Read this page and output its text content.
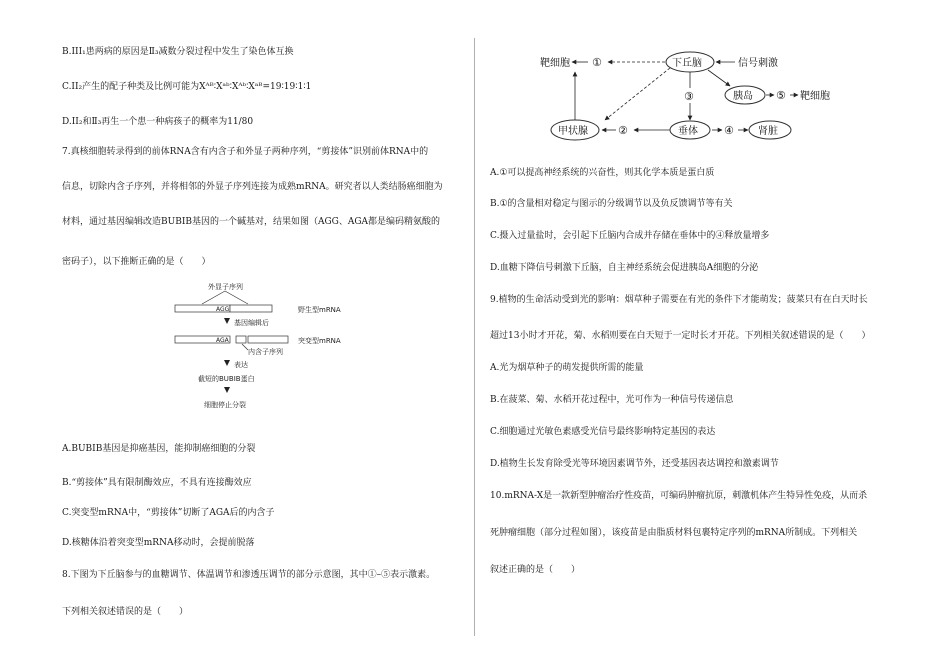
B.III₁患两病的原因是Ⅱ₃减数分裂过程中发生了染色体互换
C.II₂产生的配子种类及比例可能为Xᴬᴮ∶Xᵃᵇ∶Xᴬᵇ∶Xᵃᴮ=19∶19∶1∶1
D.II₂和Ⅱ₃再生一个患一种病孩子的概率为11/80
7.真核细胞转录得到的前体RNA含有内含子和外显子两种序列，“剪接体”识别前体RNA中的
信息，切除内含子序列，并将相邻的外显子序列连接为成熟mRNA。研究者以人类结肠癌细胞为
材料，通过基因编辑改造BUBIB基因的一个碱基对，结果如图（AGG、AGA都是编码精氨酸的
密码子），以下推断正确的是（　　）
外显子序列
AGG	野生型mRNA
基因编辑后
AGA	突变型mRNA
内含子序列
表达
截短的BUBIB蛋白
细胞停止分裂
A.BUBIB基因是抑癌基因，能抑制癌细胞的分裂
B.“剪接体”具有限制酶效应，不具有连接酶效应
C.突变型mRNA中，“剪接体”切断了AGA后的内含子
D.核糖体沿着突变型mRNA移动时，会提前脱落
8.下图为下丘脑参与的血糖调节、体温调节和渗透压调节的部分示意图，其中①–⑤表示激素。
下列相关叙述错误的是（　　）
靶细胞 ①	下丘脑	信号刺激
胰岛 ⑤ 靶细胞
③
甲状腺	②	垂体 ④ 肾脏
A.①可以提高神经系统的兴奋性，则其化学本质是蛋白质
B.①的含量相对稳定与图示的分级调节以及负反馈调节等有关
C.摄入过量盐时，会引起下丘脑内合成并存储在垂体中的④释放量增多
D.血糖下降信号刺激下丘脑，自主神经系统会促进胰岛A细胞的分泌
9.植物的生命活动受到光的影响：烟草种子需要在有光的条件下才能萌发；菠菜只有在白天时长
超过13小时才开花，菊、水稻则要在白天短于一定时长才开花。下列相关叙述错误的是（　　）
A.光为烟草种子的萌发提供所需的能量
B.在菠菜、菊、水稻开花过程中，光可作为一种信号传递信息
C.细胞通过光敏色素感受光信号最终影响特定基因的表达
D.植物生长发育除受光等环境因素调节外，还受基因表达调控和激素调节
10.mRNA-X是一款新型肿瘤治疗性疫苗，可编码肿瘤抗原，刺激机体产生特异性免疫，从而杀
死肿瘤细胞（部分过程如图），该疫苗是由脂质材料包裹特定序列的mRNA所制成。下列相关
叙述正确的是（　　）
